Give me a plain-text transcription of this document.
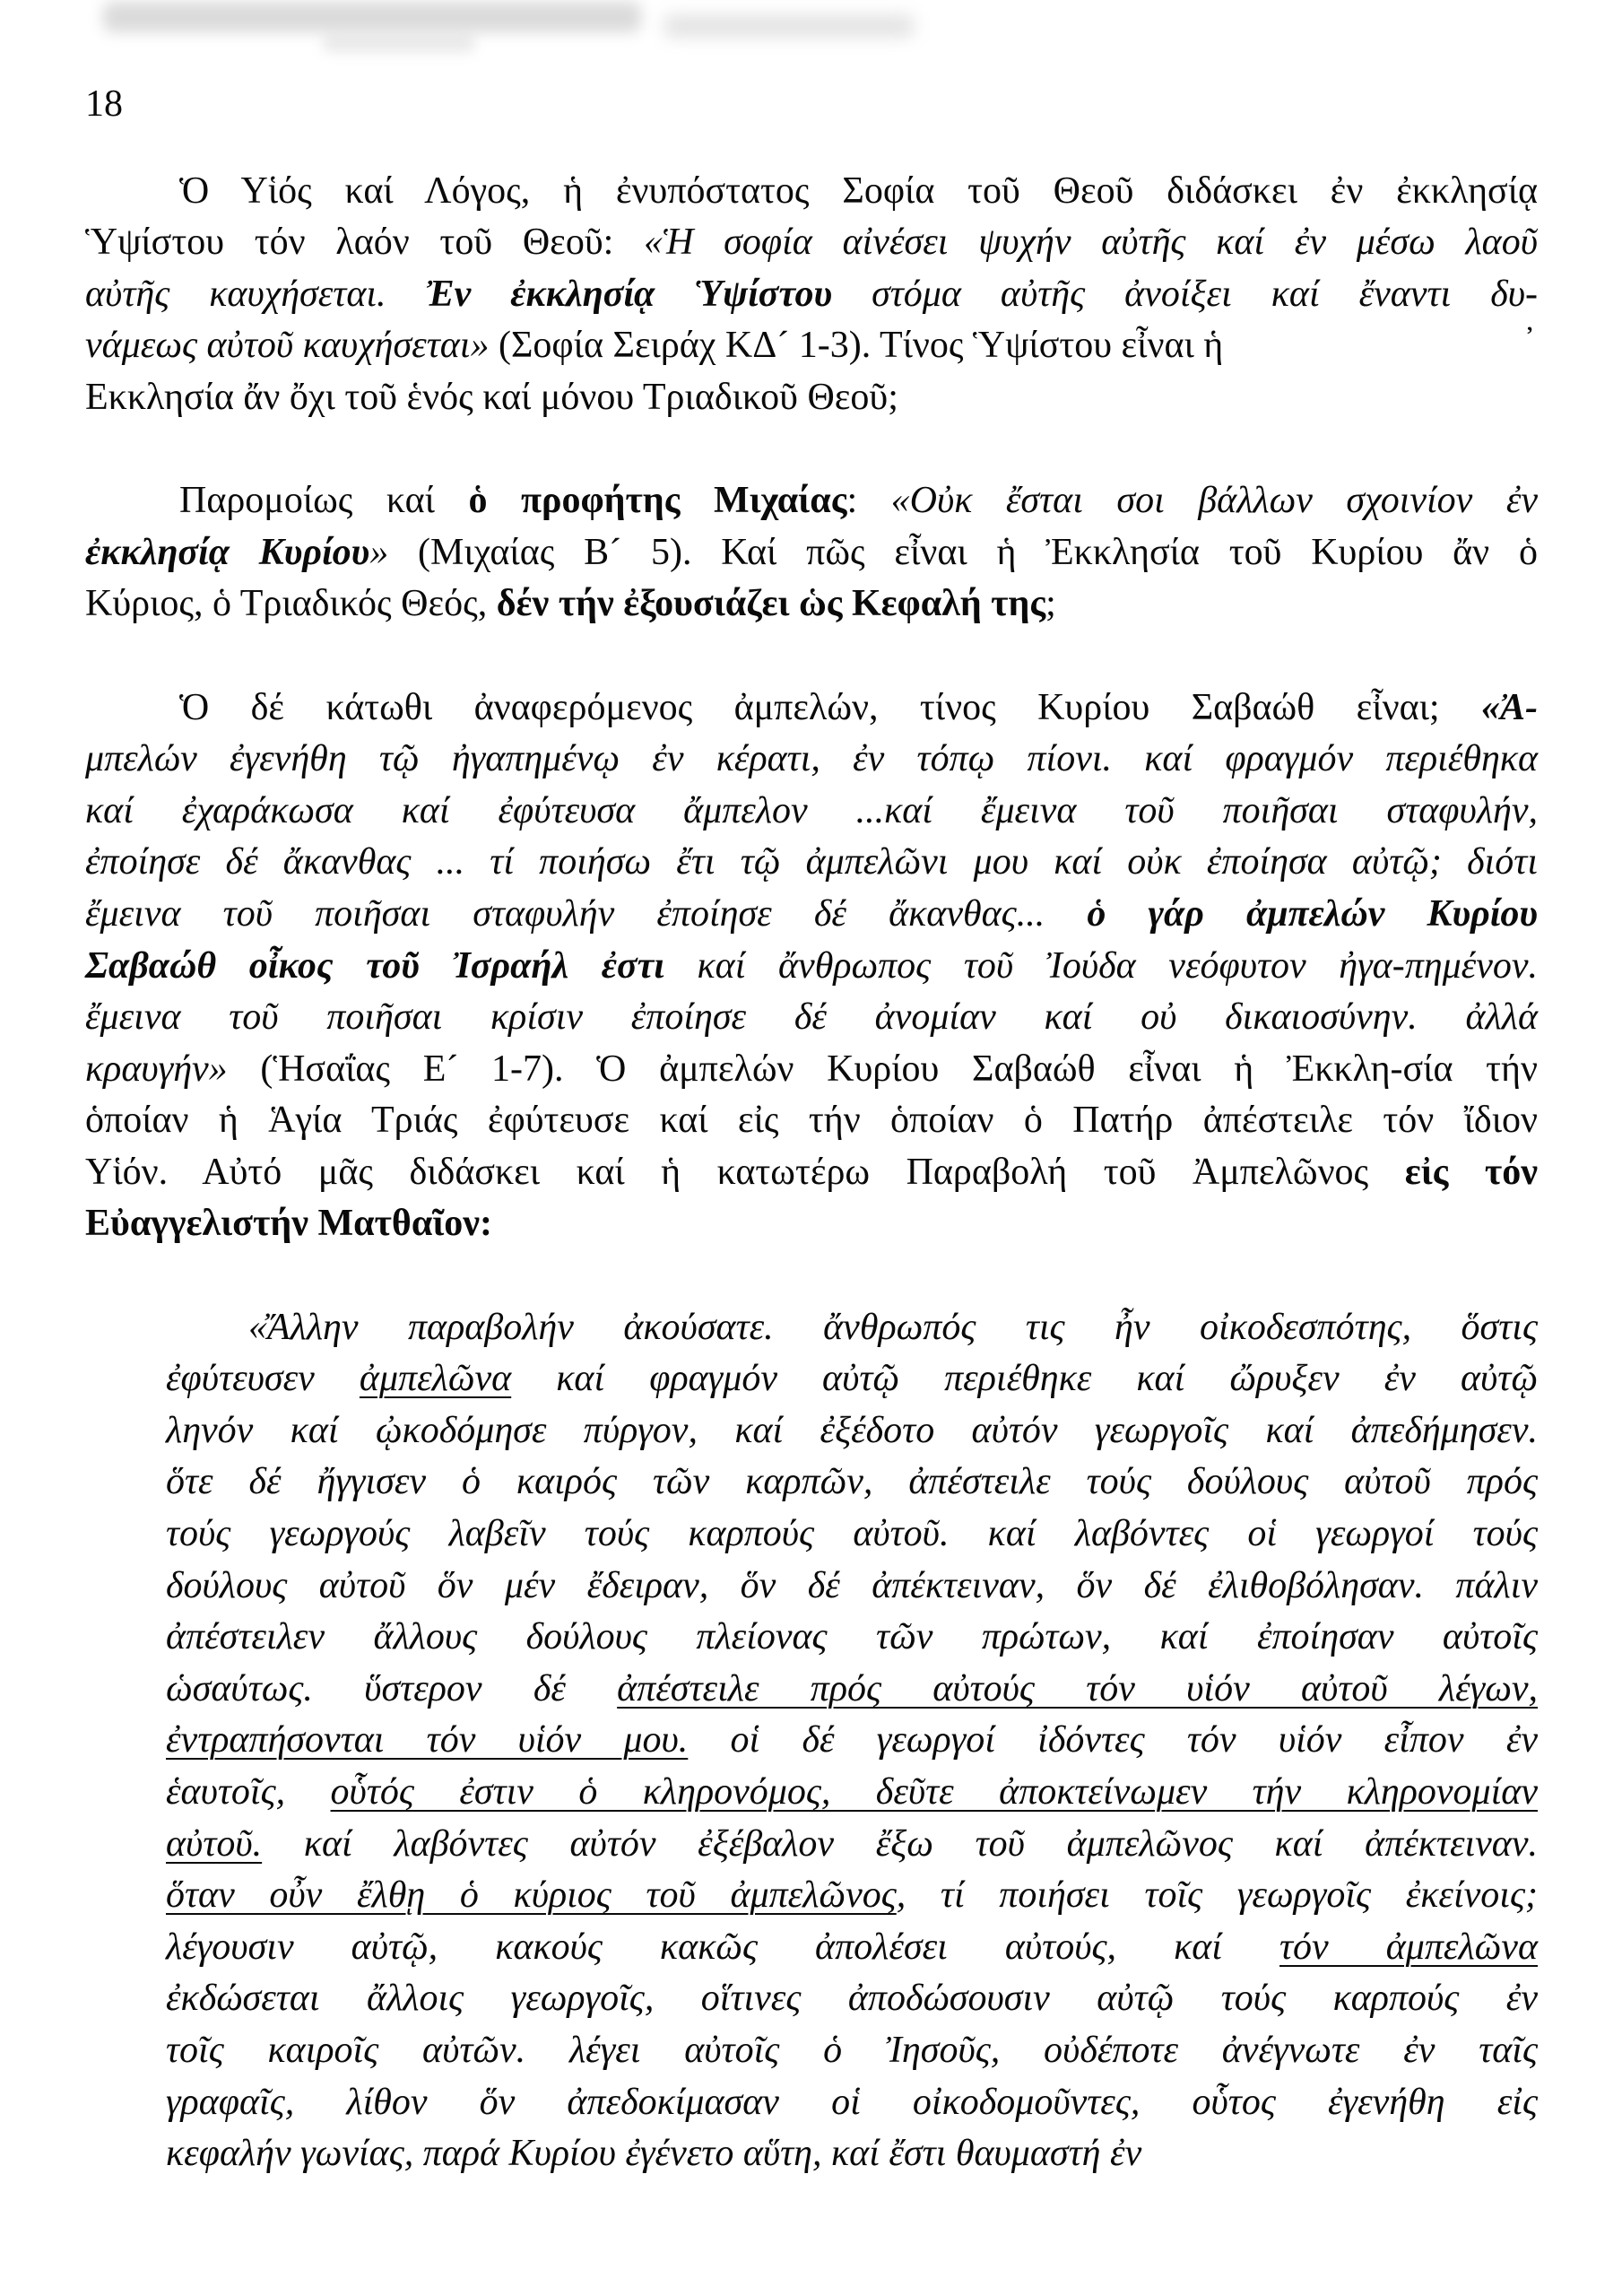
18
Ὁ Υἱός καί Λόγος, ἡ ἐνυπόστατος Σοφία τοῦ Θεοῦ διδάσκει ἐν ἐκκλησίᾳ
Ὑψίστου τόν λαόν τοῦ Θεοῦ: «Ἡ σοφία αἰνέσει ψυχήν αὐτῆς καί ἐν μέσω λαοῦ
αὐτῆς καυχήσεται. Ἐν ἐκκλησίᾳ Ὑψίστου στόμα αὐτῆς ἀνοίξει καί ἔναντι δυ-
νάμεως αὐτοῦ καυχήσεται» (Σοφία Σειράχ ΚΔ´ 1-3). Τίνος Ὑψίστου εἶναι ἡ	᾽
Εκκλησία ἄν ὄχι τοῦ ἑνός καί μόνου Τριαδικοῦ Θεοῦ;
Παρομοίως καί ὁ προφήτης Μιχαίας: «Οὐκ ἔσται σοι βάλλων σχοινίον ἐν
ἐκκλησίᾳ Κυρίου» (Μιχαίας Β´ 5). Καί πῶς εἶναι ἡ Ἐκκλησία τοῦ Κυρίου ἄν ὁ
Κύριος, ὁ Τριαδικός Θεός, δέν τήν ἐξουσιάζει ὡς Κεφαλή της;
Ὁ δέ κάτωθι ἀναφερόμενος ἀμπελών, τίνος Κυρίου Σαβαώθ εἶναι; «Ἀ-
μπελών ἐγενήθη τῷ ἠγαπημένῳ ἐν κέρατι, ἐν τόπῳ πίονι. καί φραγμόν περιέθηκα
καί ἐχαράκωσα καί ἐφύτευσα ἄμπελον ...καί ἔμεινα τοῦ ποιῆσαι σταφυλήν,
ἐποίησε δέ ἄκανθας ... τί ποιήσω ἔτι τῷ ἀμπελῶνι μου καί οὐκ ἐποίησα αὐτῷ; διότι
ἔμεινα τοῦ ποιῆσαι σταφυλήν ἐποίησε δέ ἄκανθας... ὁ γάρ ἀμπελών Κυρίου
Σαβαώθ οἶκος τοῦ Ἰσραήλ ἐστι καί ἄνθρωπος τοῦ Ἰούδα νεόφυτον ἠγα-πημένον.
ἔμεινα τοῦ ποιῆσαι κρίσιν ἐποίησε δέ ἀνομίαν καί οὐ δικαιοσύνην. ἀλλά
κραυγήν» (Ἡσαΐας Ε´ 1-7). Ὁ ἀμπελών Κυρίου Σαβαώθ εἶναι ἡ Ἐκκλη-σία τήν
ὁποίαν ἡ Ἁγία Τριάς ἐφύτευσε καί εἰς τήν ὁποίαν ὁ Πατήρ ἀπέστειλε τόν ἴδιον
Υἱόν. Αὐτό μᾶς διδάσκει καί ἡ κατωτέρω Παραβολή τοῦ Ἀμπελῶνος εἰς τόν
Εὐαγγελιστήν Ματθαῖον:
«Ἄλλην παραβολήν ἀκούσατε. ἄνθρωπός τις ἦν οἰκοδεσπότης, ὅστις
ἐφύτευσεν ἀμπελῶνα καί φραγμόν αὐτῷ περιέθηκε καί ὤρυξεν ἐν αὐτῷ
ληνόν καί ᾠκοδόμησε πύργον, καί ἐξέδοτο αὐτόν γεωργοῖς καί ἀπεδήμησεν.
ὅτε δέ ἤγγισεν ὁ καιρός τῶν καρπῶν, ἀπέστειλε τούς δούλους αὐτοῦ πρός
τούς γεωργούς λαβεῖν τούς καρπούς αὐτοῦ. καί λαβόντες οἱ γεωργοί τούς
δούλους αὐτοῦ ὅν μέν ἔδειραν, ὅν δέ ἀπέκτειναν, ὅν δέ ἐλιθοβόλησαν. πάλιν
ἀπέστειλεν ἄλλους δούλους πλείονας τῶν πρώτων, καί ἐποίησαν αὐτοῖς
ὡσαύτως. ὕστερον δέ ἀπέστειλε πρός αὐτούς τόν υἱόν αὐτοῦ λέγων,
ἐντραπήσονται τόν υἱόν μου. οἱ δέ γεωργοί ἰδόντες τόν υἱόν εἶπον ἐν
ἑαυτοῖς, οὗτός ἐστιν ὁ κληρονόμος, δεῦτε ἀποκτείνωμεν τήν κληρονομίαν
αὐτοῦ. καί λαβόντες αὐτόν ἐξέβαλον ἔξω τοῦ ἀμπελῶνος καί ἀπέκτειναν.
ὅταν οὖν ἔλθῃ ὁ κύριος τοῦ ἀμπελῶνος, τί ποιήσει τοῖς γεωργοῖς ἐκείνοις;
λέγουσιν αὐτῷ, κακούς κακῶς ἀπολέσει αὐτούς, καί τόν ἀμπελῶνα
ἐκδώσεται ἄλλοις γεωργοῖς, οἵτινες ἀποδώσουσιν αὐτῷ τούς καρπούς ἐν
τοῖς καιροῖς αὐτῶν. λέγει αὐτοῖς ὁ Ἰησοῦς, οὐδέποτε ἀνέγνωτε ἐν ταῖς
γραφαῖς, λίθον ὅν ἀπεδοκίμασαν οἱ οἰκοδομοῦντες, οὗτος ἐγενήθη εἰς
κεφαλήν γωνίας, παρά Κυρίου ἐγένετο αὕτη, καί ἔστι θαυμαστή ἐν
